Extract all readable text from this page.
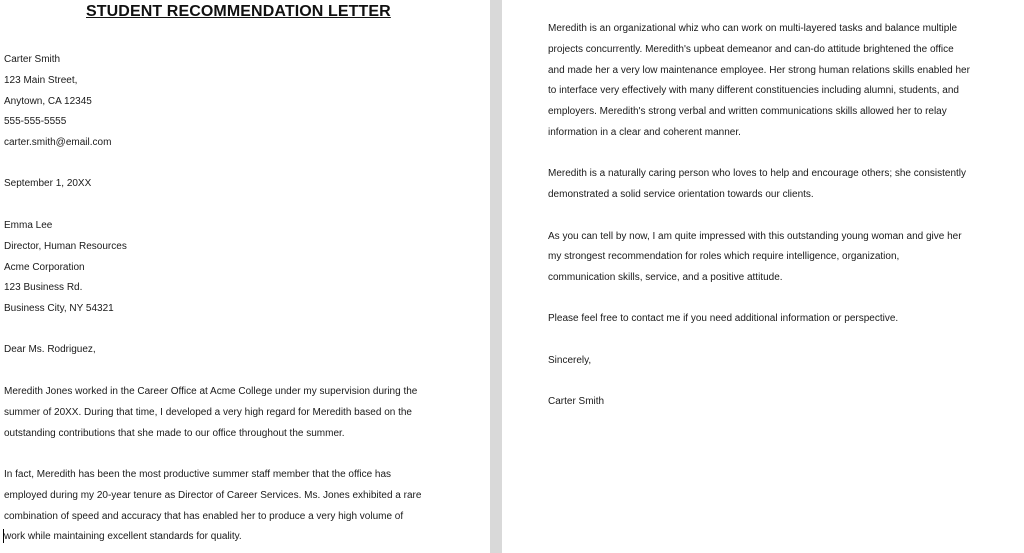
STUDENT RECOMMENDATION LETTER
Carter Smith
123 Main Street,
Anytown, CA 12345
555-555-5555
carter.smith@email.com
September 1, 20XX
Emma Lee
Director, Human Resources
Acme Corporation
123 Business Rd.
Business City, NY 54321
Dear Ms. Rodriguez,
Meredith Jones worked in the Career Office at Acme College under my supervision during the
summer of 20XX. During that time, I developed a very high regard for Meredith based on the
outstanding contributions that she made to our office throughout the summer.
In fact, Meredith has been the most productive summer staff member that the office has
employed during my 20-year tenure as Director of Career Services. Ms. Jones exhibited a rare
combination of speed and accuracy that has enabled her to produce a very high volume of
work while maintaining excellent standards for quality.
Meredith is an organizational whiz who can work on multi-layered tasks and balance multiple
projects concurrently. Meredith's upbeat demeanor and can-do attitude brightened the office
and made her a very low maintenance employee. Her strong human relations skills enabled her
to interface very effectively with many different constituencies including alumni, students, and
employers. Meredith's strong verbal and written communications skills allowed her to relay
information in a clear and coherent manner.
Meredith is a naturally caring person who loves to help and encourage others; she consistently
demonstrated a solid service orientation towards our clients.
As you can tell by now, I am quite impressed with this outstanding young woman and give her
my strongest recommendation for roles which require intelligence, organization,
communication skills, service, and a positive attitude.
Please feel free to contact me if you need additional information or perspective.
Sincerely,
Carter Smith
